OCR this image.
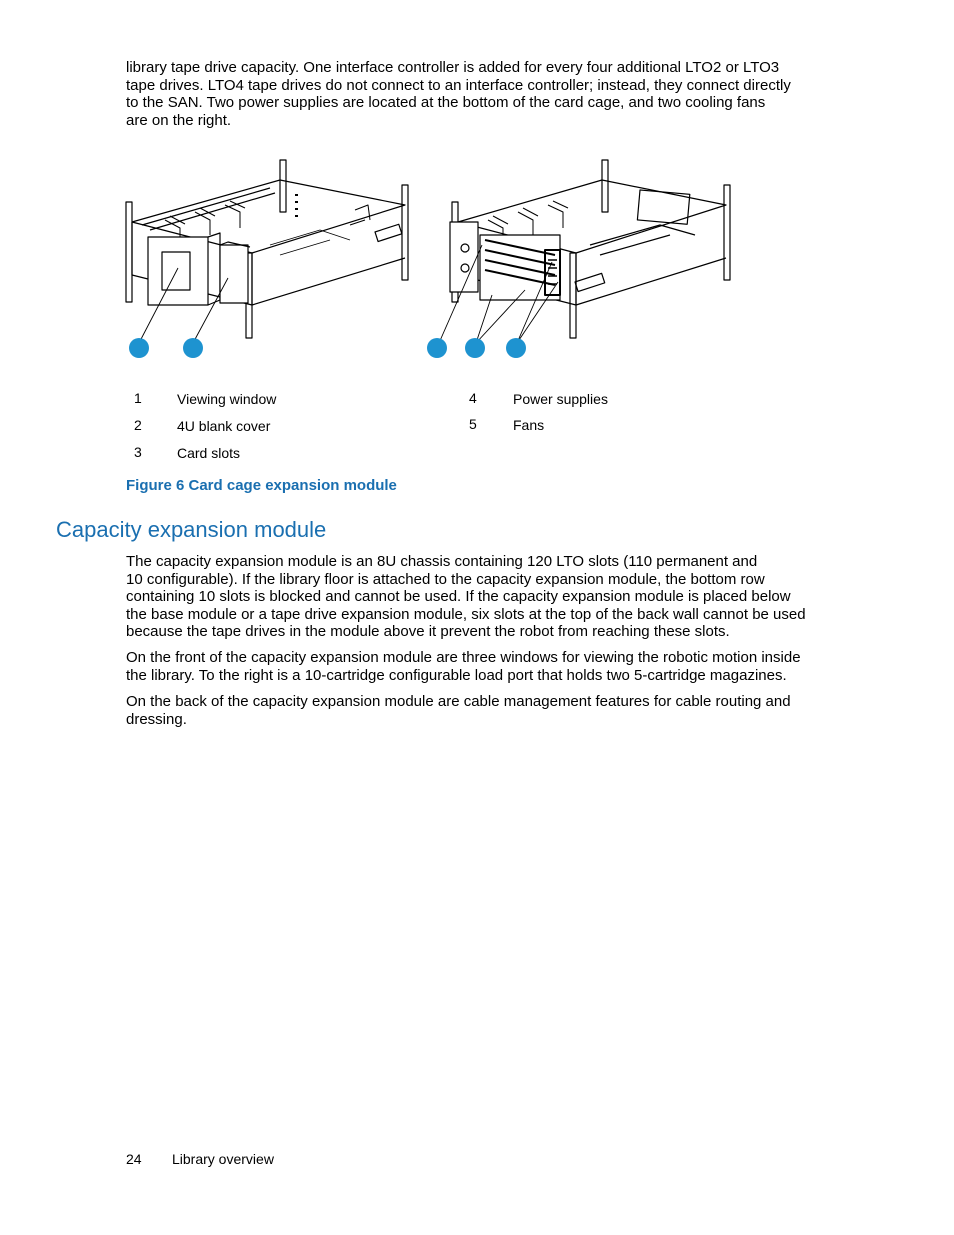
library tape drive capacity. One interface controller is added for every four additional LTO2 or LTO3
tape drives. LTO4 tape drives do not connect to an interface controller; instead, they connect directly
to the SAN. Two power supplies are located at the bottom of the card cage, and two cooling fans
are on the right.
1	Viewing window
2	4U blank cover
3	Card slots
4	Power supplies
5	Fans
Figure 6 Card cage expansion module
Capacity expansion module
The capacity expansion module is an 8U chassis containing 120 LTO slots (110 permanent and
10 configurable). If the library floor is attached to the capacity expansion module, the bottom row
containing 10 slots is blocked and cannot be used. If the capacity expansion module is placed below
the base module or a tape drive expansion module, six slots at the top of the back wall cannot be used
because the tape drives in the module above it prevent the robot from reaching these slots.
On the front of the capacity expansion module are three windows for viewing the robotic motion inside
the library. To the right is a 10-cartridge configurable load port that holds two 5-cartridge magazines.
On the back of the capacity expansion module are cable management features for cable routing and
dressing.
24 Library overview
